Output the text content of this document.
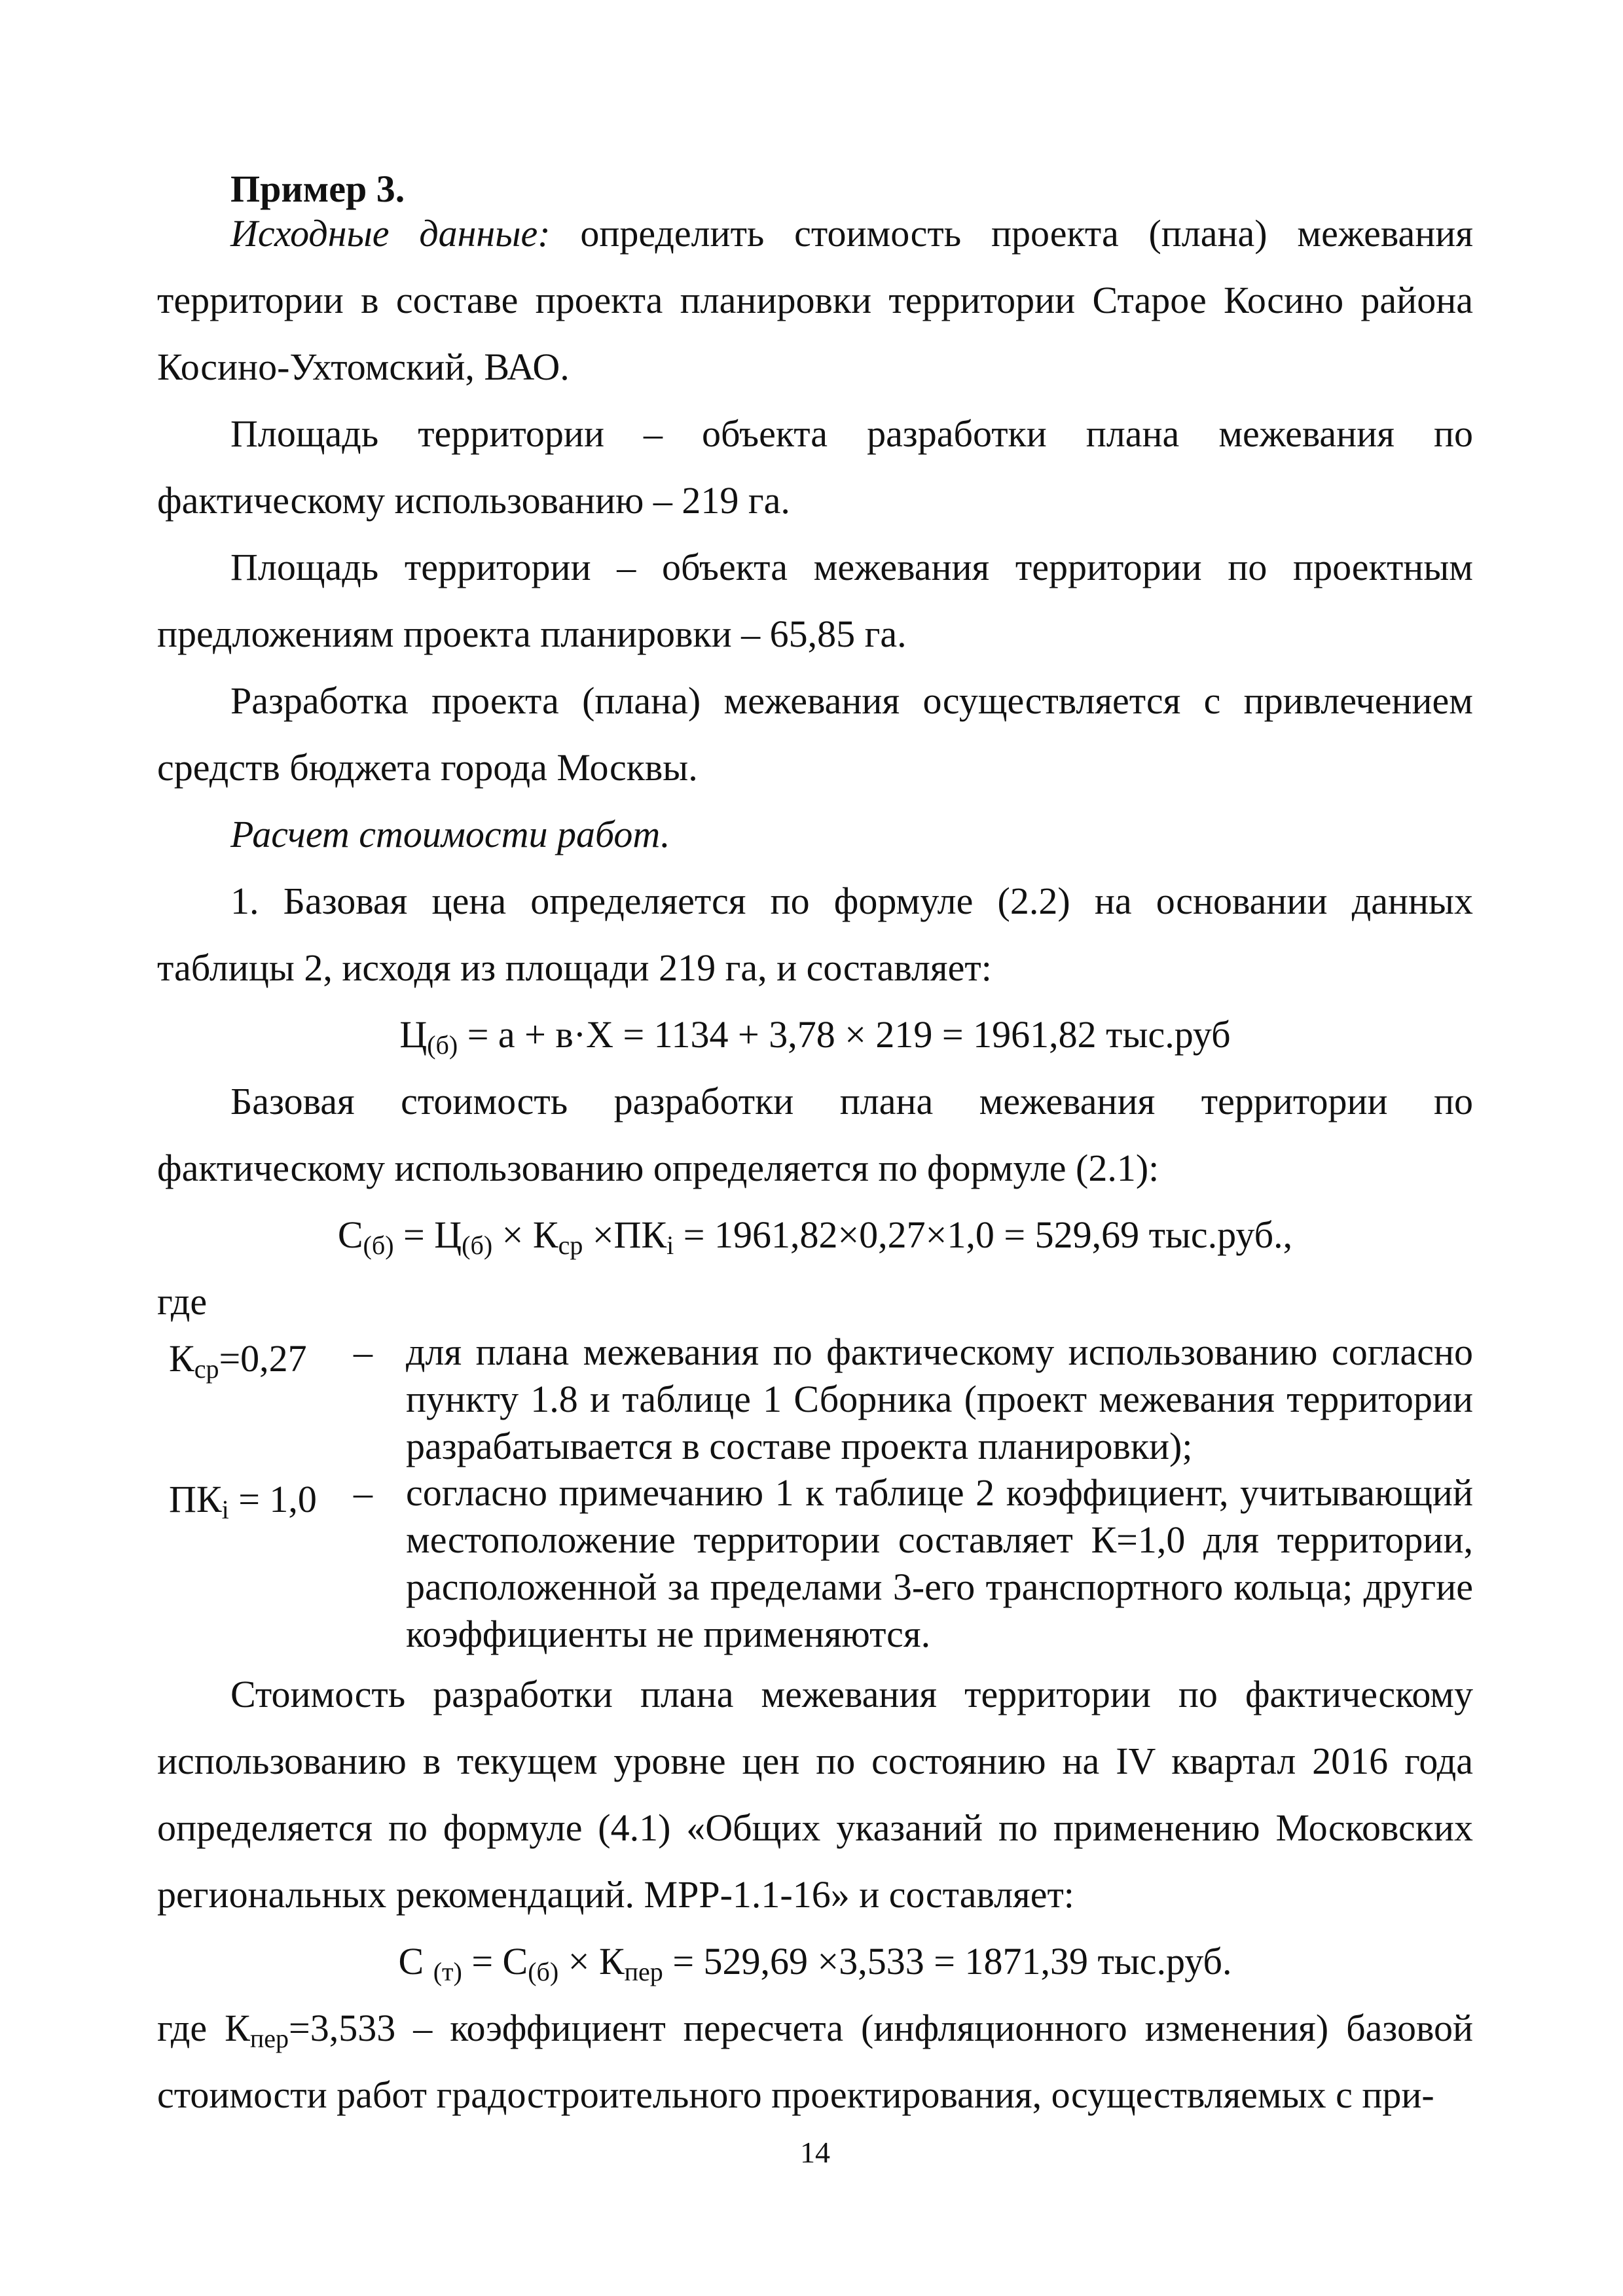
Пример 3.
Исходные данные: определить стоимость проекта (плана) межевания территории в составе проекта планировки территории Старое Косино района Косино-Ухтомский, ВАО.
Площадь территории – объекта разработки плана межевания по фактическому использованию – 219 га.
Площадь территории – объекта межевания территории по проектным предложениям проекта планировки – 65,85 га.
Разработка проекта (плана) межевания осуществляется с привлечением средств бюджета города Москвы.
Расчет стоимости работ.
1. Базовая цена определяется по формуле (2.2) на основании данных таблицы 2, исходя из площади 219 га, и составляет:
$Ц_{(б)} = а + в\cdot Х = 1134 + 3,78 \times 219 = 1961,82$ тыс.руб
Базовая стоимость разработки плана межевания территории по фактическому использованию определяется по формуле (2.1):
$С_{(б)} = Ц_{(б)} \times К_{ср} \times ПК_i = 1961,82\times 0,27\times 1,0 = 529,69$ тыс.руб.,
где
$К_{ср}=0,27$	– для плана межевания по фактическому использованию согласно пункту 1.8 и таблице 1 Сборника (проект межевания территории разрабатывается в составе проекта планировки);
$ПК_i = 1,0$ – согласно примечанию 1 к таблице 2 коэффициент, учитывающий местоположение территории составляет К=1,0 для территории, расположенной за пределами 3-его транспортного кольца; другие коэффициенты не применяются.
Стоимость разработки плана межевания территории по фактическому использованию в текущем уровне цен по состоянию на IV квартал 2016 года определяется по формуле (4.1) «Общих указаний по применению Московских региональных рекомендаций. МРР-1.1-16» и составляет:
С $_{(т)} = С_{(б)} \times К_{пер} = 529,69 \times 3,533 = 1871,39$ тыс.руб.
где $К_{пер}=3,533$ – коэффициент пересчета (инфляционного изменения) базовой стоимости работ градостроительного проектирования, осуществляемых с при-
14
